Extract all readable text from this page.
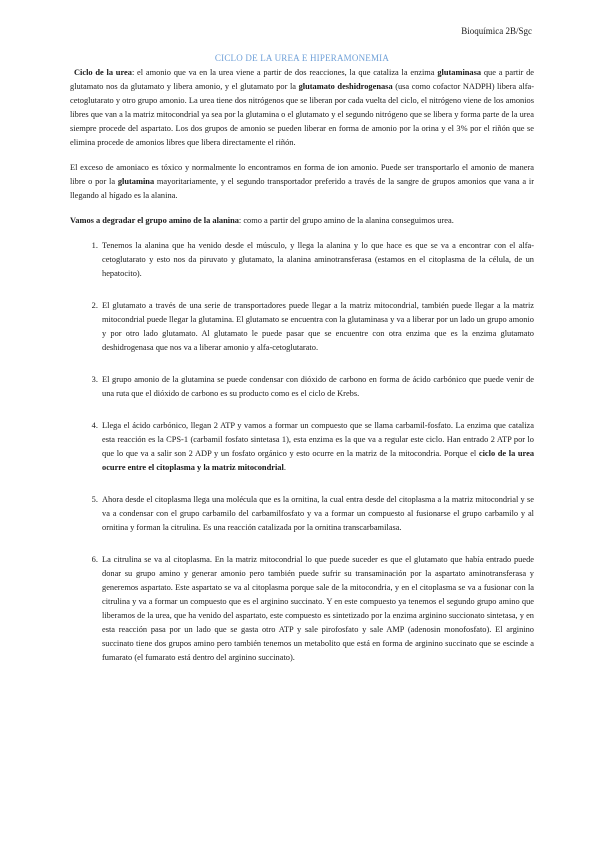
Bioquímica 2B/Sgc
CICLO DE LA UREA E HIPERAMONEMIA

Ciclo de la urea: el amonio que va en la urea viene a partir de dos reacciones, la que cataliza la enzima glutaminasa que a partir de glutamato nos da glutamato y libera amonio, y el glutamato por la glutamato deshidrogenasa (usa como cofactor NADPH) libera alfa-cetoglutarato y otro grupo amonio. La urea tiene dos nitrógenos que se liberan por cada vuelta del ciclo, el nitrógeno viene de los amonios libres que van a la matriz mitocondrial ya sea por la glutamina o el glutamato y el segundo nitrógeno que se libera y forma parte de la urea siempre procede del aspartato. Los dos grupos de amonio se pueden liberar en forma de amonio por la orina y el 3% por el riñón que se elimina procede de amonios libres que libera directamente el riñón.

El exceso de amoniaco es tóxico y normalmente lo encontramos en forma de ion amonio. Puede ser transportarlo el amonio de manera libre o por la glutamina mayoritariamente, y el segundo transportador preferido a través de la sangre de grupos amonios que vana a ir llegando al hígado es la alanina.

Vamos a degradar el grupo amino de la alanina: como a partir del grupo amino de la alanina conseguimos urea.

1. Tenemos la alanina que ha venido desde el músculo, y llega la alanina y lo que hace es que se va a encontrar con el alfa-cetoglutarato y esto nos da piruvato y glutamato, la alanina aminotransferasa (estamos en el citoplasma de la célula, de un hepatocito).
2. El glutamato a través de una serie de transportadores puede llegar a la matriz mitocondrial, también puede llegar a la matriz mitocondrial puede llegar la glutamina. El glutamato se encuentra con la glutaminasa y va a liberar por un lado un grupo amonio y por otro lado glutamato. Al glutamato le puede pasar que se encuentre con otra enzima que es la enzima glutamato deshidrogenasa que nos va a liberar amonio y alfa-cetoglutarato.
3. El grupo amonio de la glutamina se puede condensar con dióxido de carbono en forma de ácido carbónico que puede venir de una ruta que el dióxido de carbono es su producto como es el ciclo de Krebs.
4. Llega el ácido carbónico, llegan 2 ATP y vamos a formar un compuesto que se llama carbamil-fosfato. La enzima que cataliza esta reacción es la CPS-1 (carbamil fosfato sintetasa 1), esta enzima es la que va a regular este ciclo. Han entrado 2 ATP por lo que lo que va a salir son 2 ADP y un fosfato orgánico y esto ocurre en la matriz de la mitocondria. Porque el ciclo de la urea ocurre entre el citoplasma y la matriz mitocondrial.
5. Ahora desde el citoplasma llega una molécula que es la ornitina, la cual entra desde del citoplasma a la matriz mitocondrial y se va a condensar con el grupo carbamilo del carbamilfosfato y va a formar un compuesto al fusionarse el grupo carbamilo y al ornitina y forman la citrulina. Es una reacción catalizada por la ornitina transcarbamilasa.
6. La citrulina se va al citoplasma. En la matriz mitocondrial lo que puede suceder es que el glutamato que había entrado puede donar su grupo amino y generar amonio pero también puede sufrir su transaminación por la aspartato aminotransferasa y generemos aspartato. Este aspartato se va al citoplasma porque sale de la mitocondria, y en el citoplasma se va a fusionar con la citrulina y va a formar un compuesto que es el arginino succinato. Y en este compuesto ya tenemos el segundo grupo amino que liberamos de la urea, que ha venido del aspartato, este compuesto es sintetizado por la enzima arginino succionato sintetasa, y en esta reacción pasa por un lado que se gasta otro ATP y sale pirofosfato y sale AMP (adenosin monofosfato). El arginino succinato tiene dos grupos amino pero también tenemos un metabolito que está en forma de arginino succinato que se escinde a fumarato (el fumarato está dentro del arginino succinato).
